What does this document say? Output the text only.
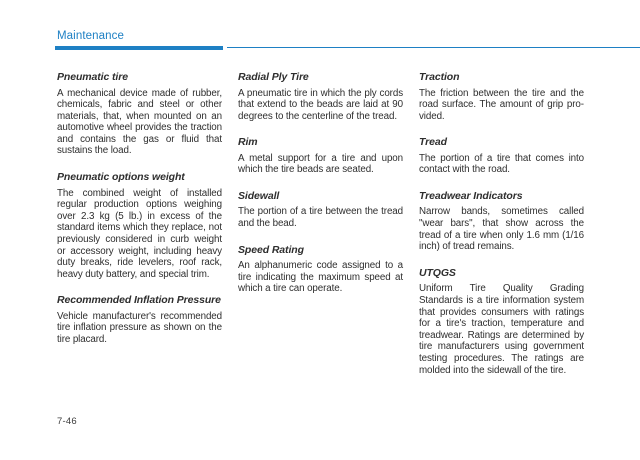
Maintenance
Pneumatic tire

A mechanical device made of rubber, chemicals, fabric and steel or other materials, that, when mounted on an automotive wheel provides the traction and contains the gas or fluid that sustains the load.

Pneumatic options weight

The combined weight of installed regular production options weighing over 2.3 kg (5 lb.) in excess of the standard items which they replace, not previously considered in curb weight or accessory weight, including heavy duty breaks, ride levelers, roof rack, heavy duty battery, and special trim.

Recommended Inflation Pressure

Vehicle manufacturer's recommended tire inflation pressure as shown on the tire placard.

Radial Ply Tire

A pneumatic tire in which the ply cords that extend to the beads are laid at 90 degrees to the centerline of the tread.

Rim

A metal support for a tire and upon which the tire beads are seated.

Sidewall

The portion of a tire between the tread and the bead.

Speed Rating

An alphanumeric code assigned to a tire indicating the maximum speed at which a tire can operate.

Traction

The friction between the tire and the road surface. The amount of grip provided.

Tread

The portion of a tire that comes into contact with the road.

Treadwear Indicators

Narrow bands, sometimes called "wear bars", that show across the tread of a tire when only 1.6 mm (1/16 inch) of tread remains.

UTQGS

Uniform Tire Quality Grading Standards is a tire information system that provides consumers with ratings for a tire's traction, temperature and treadwear. Ratings are determined by tire manufacturers using government testing procedures. The ratings are molded into the sidewall of the tire.

7-46
